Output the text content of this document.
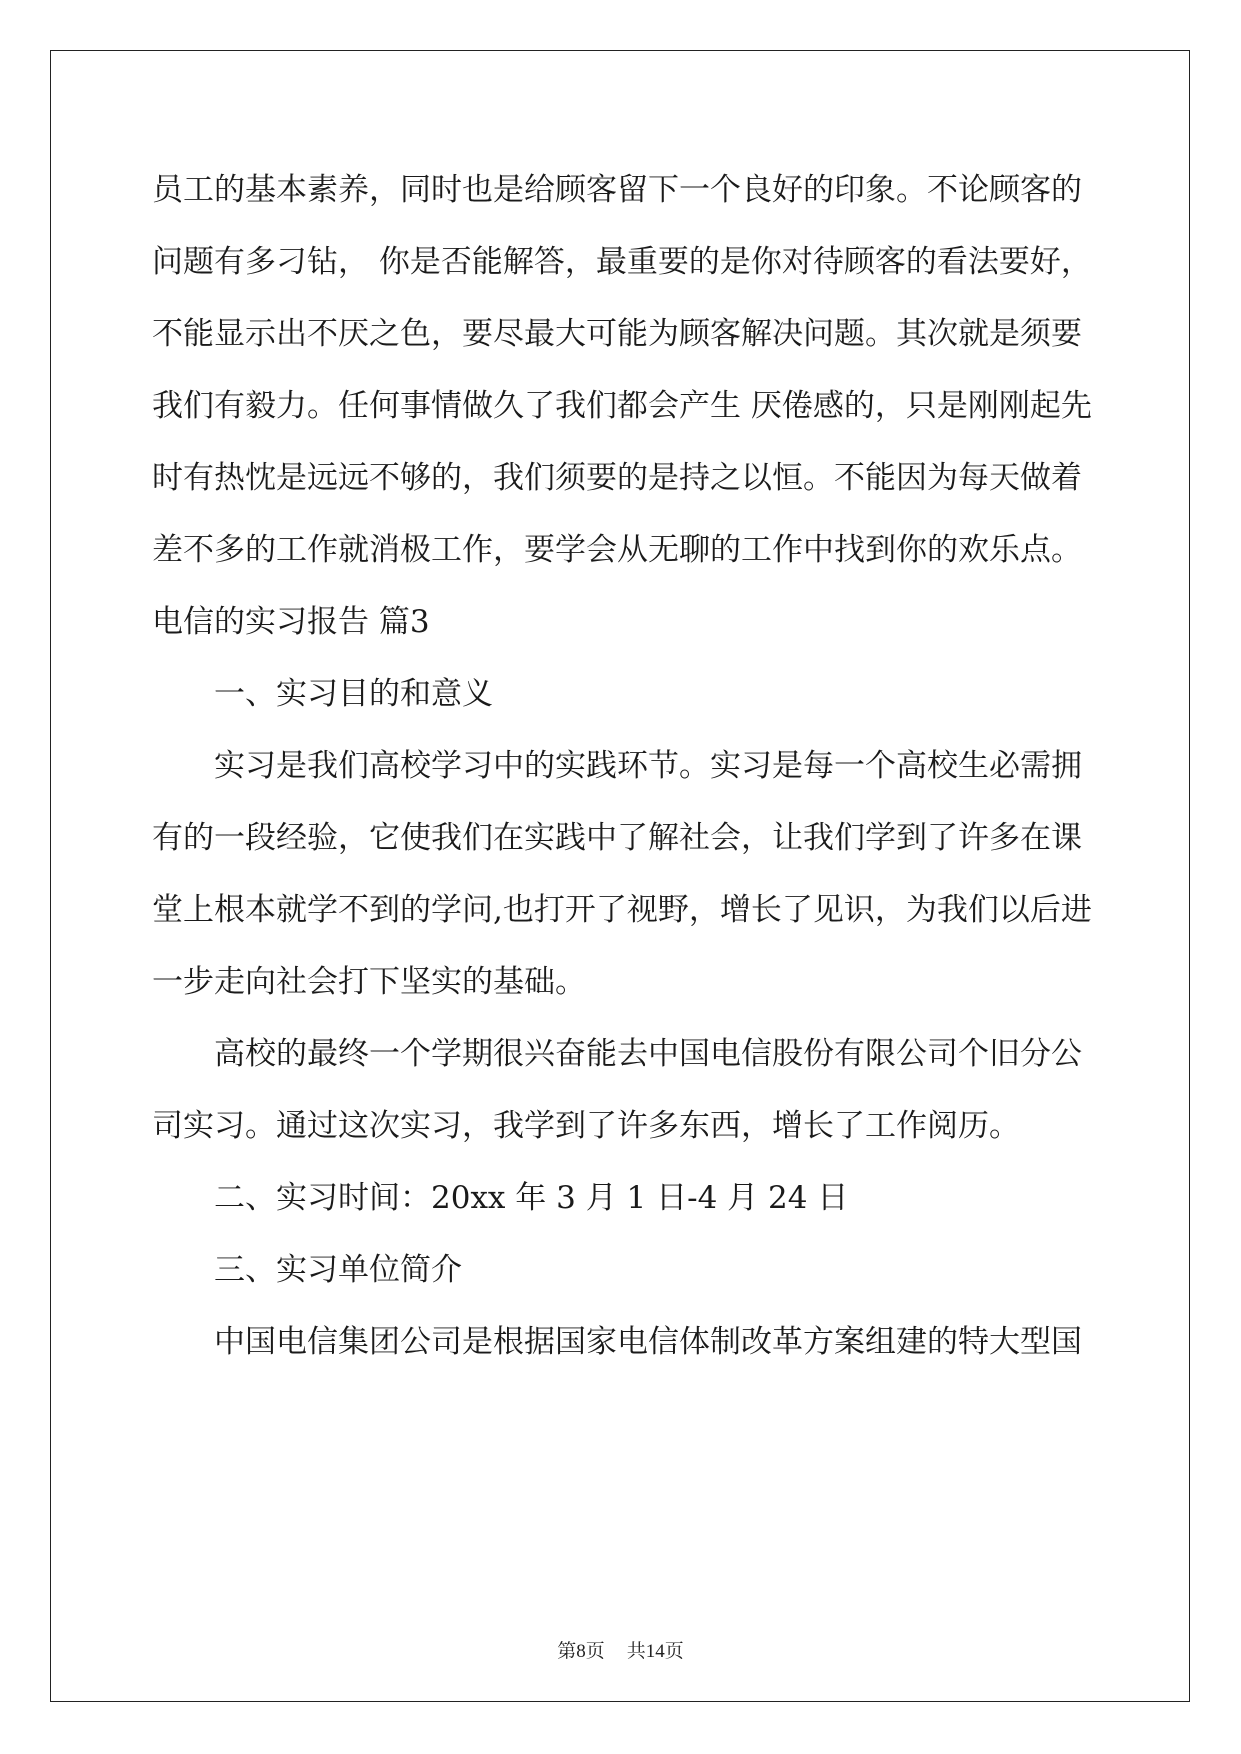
员工的基本素养，同时也是给顾客留下一个良好的印象。不论顾客的

问题有多刁钻， 你是否能解答，最重要的是你对待顾客的看法要好，

不能显示出不厌之色，要尽最大可能为顾客解决问题。其次就是须要

我们有毅力。任何事情做久了我们都会产生 厌倦感的，只是刚刚起先

时有热忱是远远不够的，我们须要的是持之以恒。不能因为每天做着

差不多的工作就消极工作，要学会从无聊的工作中找到你的欢乐点。

电信的实习报告 篇3

一、实习目的和意义

实习是我们高校学习中的实践环节。实习是每一个高校生必需拥

有的一段经验，它使我们在实践中了解社会，让我们学到了许多在课

堂上根本就学不到的学问,也打开了视野，增长了见识，为我们以后进

一步走向社会打下坚实的基础。

高校的最终一个学期很兴奋能去中国电信股份有限公司个旧分公

司实习。通过这次实习，我学到了许多东西，增长了工作阅历。

二、实习时间：20xx 年 3 月 1 日-4 月 24 日

三、实习单位简介

中国电信集团公司是根据国家电信体制改革方案组建的特大型国

第8页 共14页
